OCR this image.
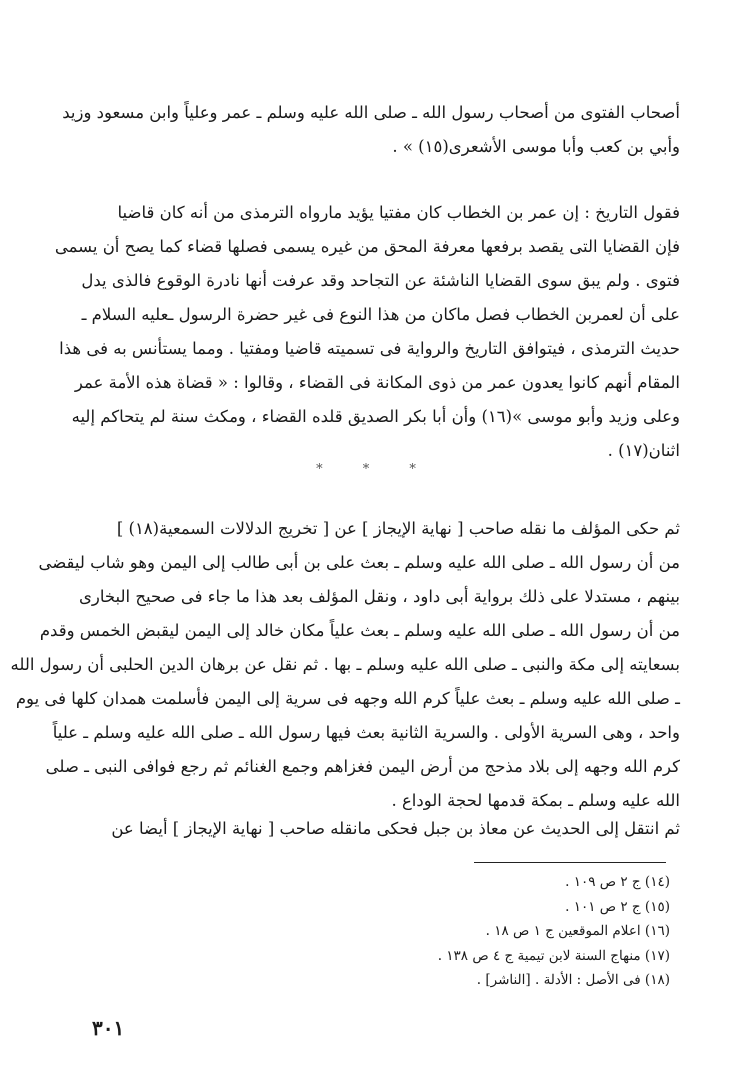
أصحاب الفتوى من أصحاب رسول الله ـ صلى الله عليه وسلم ـ عمر وعلياً وابن مسعود وزيد
وأبي بن كعب وأبا موسى الأشعرى(١٥) » .
فقول التاريخ : إن عمر بن الخطاب كان مفتيا يؤيد مارواه الترمذى من أنه كان قاضيا
فإن القضايا التى يقصد برفعها معرفة المحق من غيره يسمى فصلها قضاء كما يصح أن يسمى
فتوى . ولم يبق سوى القضايا الناشئة عن التجاحد وقد عرفت أنها نادرة الوقوع فالذى يدل
على أن لعمربن الخطاب فصل ماكان من هذا النوع فى غير حضرة الرسول ـعليه السلام ـ
حديث الترمذى ، فيتوافق التاريخ والرواية فى تسميته قاضيا ومفتيا . ومما يستأنس به فى هذا
المقام أنهم كانوا يعدون عمر من ذوى المكانة فى القضاء ، وقالوا : « قضاة هذه الأمة عمر
وعلى وزيد وأبو موسى »(١٦) وأن أبا بكر الصديق قلده القضاء ، ومكث سنة لم يتحاكم إليه
اثنان(١٧) .
* * *
ثم حكى المؤلف ما نقله صاحب [ نهاية الإيجاز ] عن [ تخريج الدلالات السمعية(١٨) ]
من أن رسول الله ـ صلى الله عليه وسلم ـ بعث على بن أبى طالب إلى اليمن وهو شاب ليقضى
بينهم ، مستدلا على ذلك برواية أبى داود ، ونقل المؤلف بعد هذا ما جاء فى صحيح البخارى
من أن رسول الله ـ صلى الله عليه وسلم ـ بعث علياً مكان خالد إلى اليمن ليقبض الخمس وقدم
بسعايته إلى مكة والنبى ـ صلى الله عليه وسلم ـ بها . ثم نقل عن برهان الدين الحلبى أن رسول الله
ـ صلى الله عليه وسلم ـ بعث علياً كرم الله وجهه فى سرية إلى اليمن فأسلمت همدان كلها فى يوم
واحد ، وهى السرية الأولى . والسرية الثانية بعث فيها رسول الله ـ صلى الله عليه وسلم ـ علياً
كرم الله وجهه إلى بلاد مذحج من أرض اليمن فغزاهم وجمع الغنائم ثم رجع فوافى النبى ـ صلى
الله عليه وسلم ـ بمكة قدمها لحجة الوداع .
ثم انتقل إلى الحديث عن معاذ بن جبل فحكى مانقله صاحب [ نهاية الإيجاز ] أيضا عن
(١٤) ج ٢ ص ١٠٩ .
(١٥) ج ٢ ص ١٠١ .
(١٦) اعلام الموقعين ج ١ ص ١٨ .
(١٧) منهاج السنة لابن تيمية ج ٤ ص ١٣٨ .
(١٨) فى الأصل : الأدلة . [الناشر] .
٣٠١
